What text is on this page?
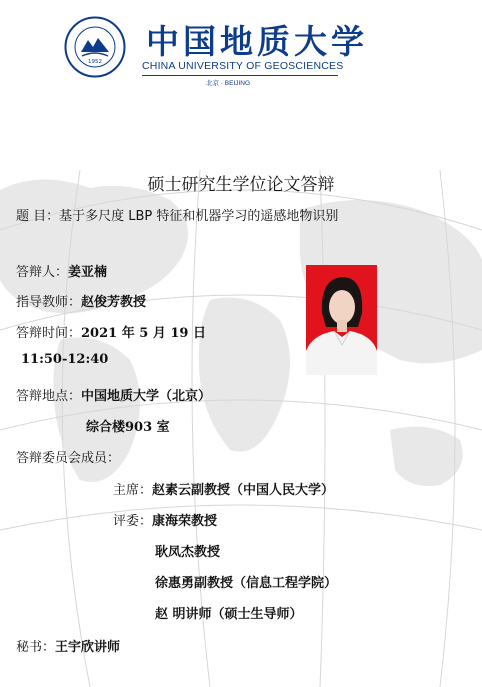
1952
中国地质大学
CHINA UNIVERSITY OF GEOSCIENCES
北京 · BEIJING
硕士研究生学位论文答辩
题 目：基于多尺度 LBP 特征和机器学习的遥感地物识别
答辩人：姜亚楠
指导教师：赵俊芳教授
答辩时间：2021 年 5 月 19 日
11:50-12:40
答辩地点：中国地质大学（北京）
综合楼903 室
答辩委员会成员：
主席：赵素云副教授（中国人民大学）
评委：康海荣教授
耿凤杰教授
徐惠勇副教授（信息工程学院）
赵 明讲师（硕士生导师）
秘书：王宇欣讲师
